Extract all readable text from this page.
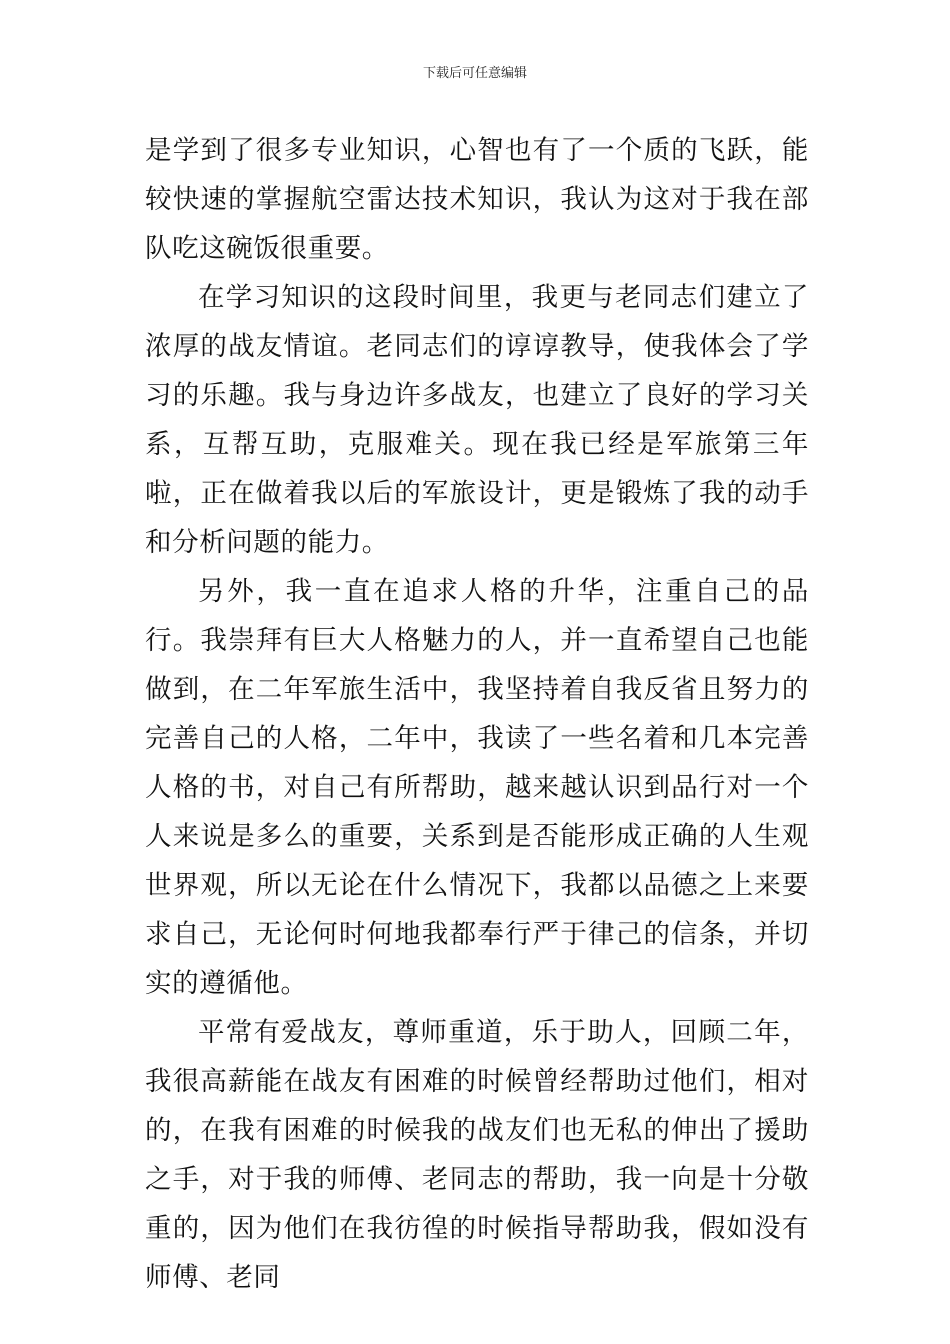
下载后可任意编辑

是学到了很多专业知识，心智也有了一个质的飞跃，能较快速的掌握航空雷达技术知识，我认为这对于我在部队吃这碗饭很重要。

在学习知识的这段时间里，我更与老同志们建立了浓厚的战友情谊。老同志们的谆谆教导，使我体会了学习的乐趣。我与身边许多战友，也建立了良好的学习关系，互帮互助，克服难关。现在我已经是军旅第三年啦，正在做着我以后的军旅设计，更是锻炼了我的动手和分析问题的能力。

另外，我一直在追求人格的升华，注重自己的品行。我崇拜有巨大人格魅力的人，并一直希望自己也能做到，在二年军旅生活中，我坚持着自我反省且努力的完善自己的人格，二年中，我读了一些名着和几本完善人格的书，对自己有所帮助，越来越认识到品行对一个人来说是多么的重要，关系到是否能形成正确的人生观世界观，所以无论在什么情况下，我都以品德之上来要求自己，无论何时何地我都奉行严于律己的信条，并切实的遵循他。

平常有爱战友，尊师重道，乐于助人，回顾二年，我很高薪能在战友有困难的时候曾经帮助过他们，相对的，在我有困难的时候我的战友们也无私的伸出了援助之手，对于我的师傅、老同志的帮助，我一向是十分敬重的，因为他们在我彷徨的时候指导帮助我，假如没有师傅、老同
